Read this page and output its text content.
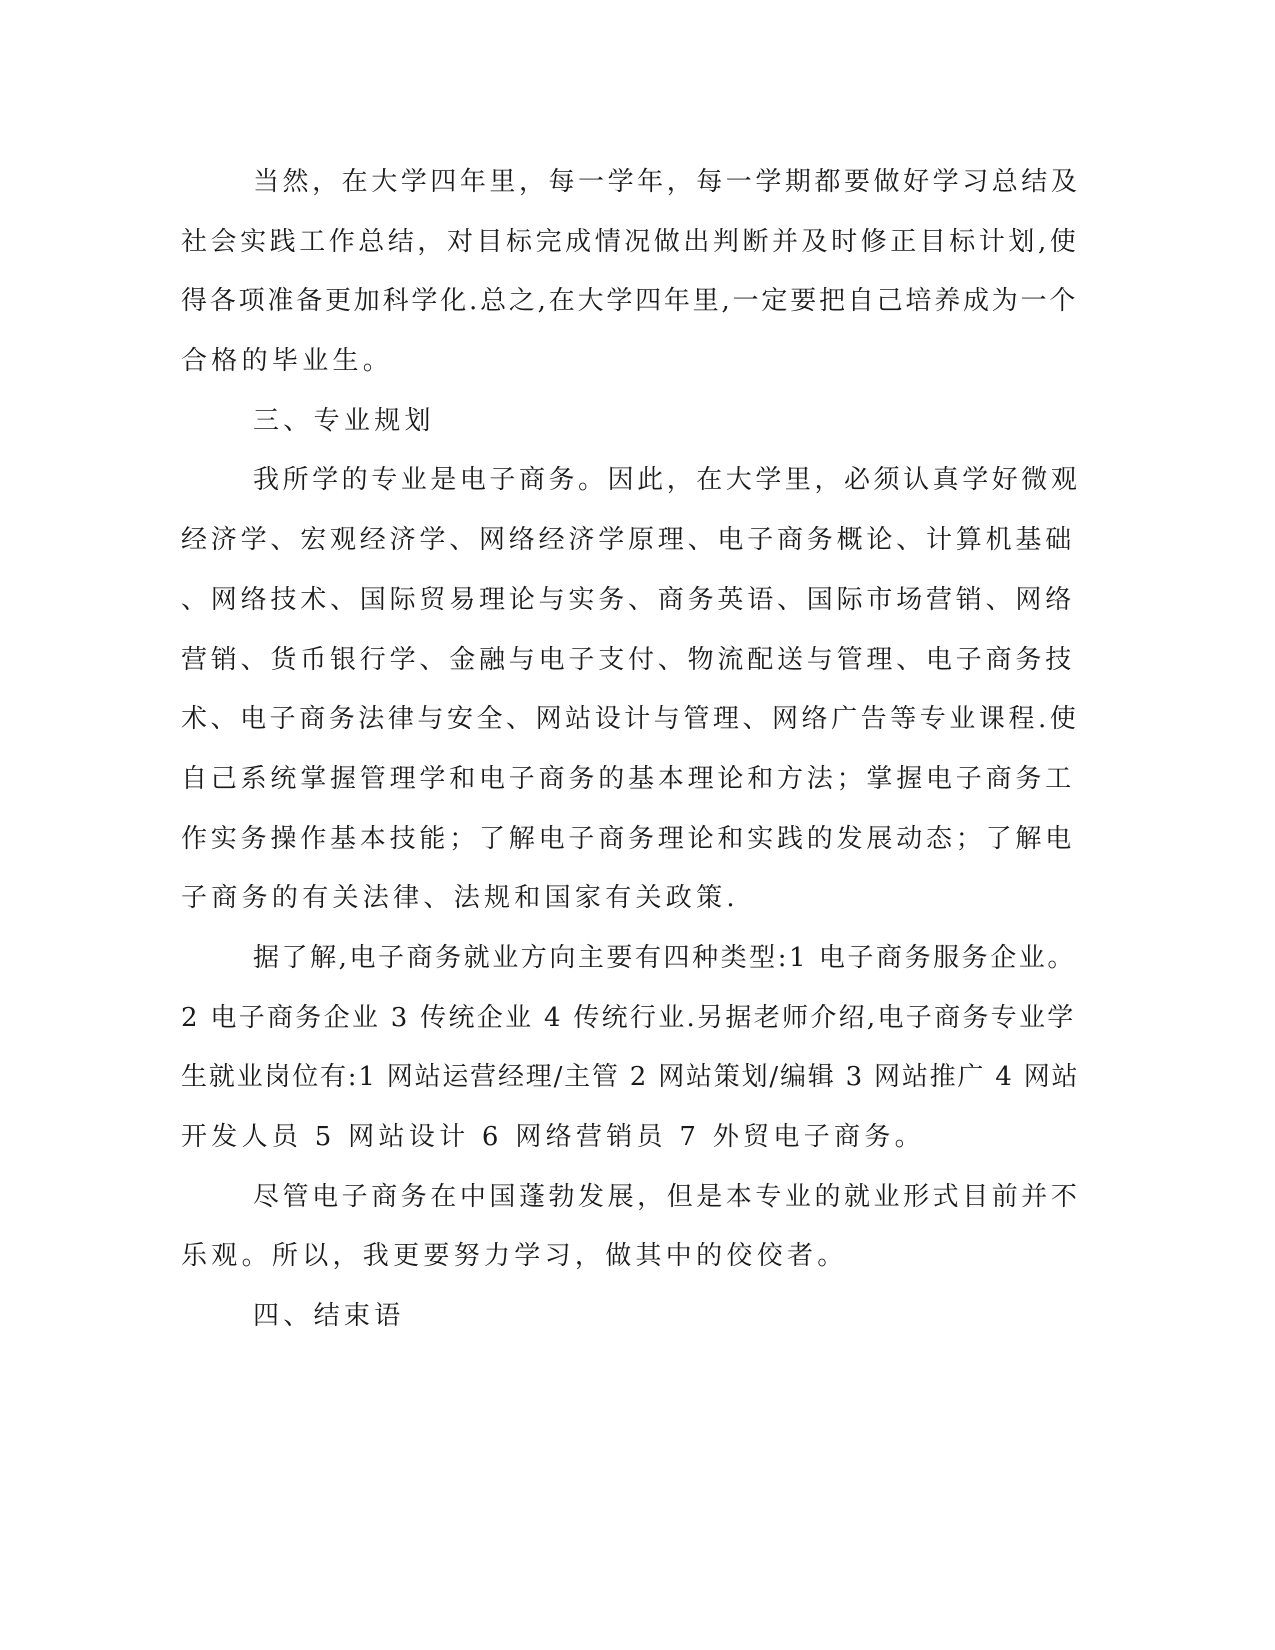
当然，在大学四年里，每一学年，每一学期都要做好学习总结及
社会实践工作总结，对目标完成情况做出判断并及时修正目标计划,使
得各项准备更加科学化.总之,在大学四年里,一定要把自己培养成为一个
合格的毕业生。
三、专业规划
我所学的专业是电子商务。因此，在大学里，必须认真学好微观
经济学、宏观经济学、网络经济学原理、电子商务概论、计算机基础
、网络技术、国际贸易理论与实务、商务英语、国际市场营销、网络
营销、货币银行学、金融与电子支付、物流配送与管理、电子商务技
术、电子商务法律与安全、网站设计与管理、网络广告等专业课程.使
自己系统掌握管理学和电子商务的基本理论和方法；掌握电子商务工
作实务操作基本技能；了解电子商务理论和实践的发展动态；了解电
子商务的有关法律、法规和国家有关政策.
据了解,电子商务就业方向主要有四种类型:1 电子商务服务企业。
2 电子商务企业 3 传统企业 4 传统行业.另据老师介绍,电子商务专业学
生就业岗位有:1 网站运营经理/主管 2 网站策划/编辑 3 网站推广 4 网站
开发人员 5 网站设计 6 网络营销员 7 外贸电子商务。
尽管电子商务在中国蓬勃发展，但是本专业的就业形式目前并不
乐观。所以，我更要努力学习，做其中的佼佼者。
四、结束语
